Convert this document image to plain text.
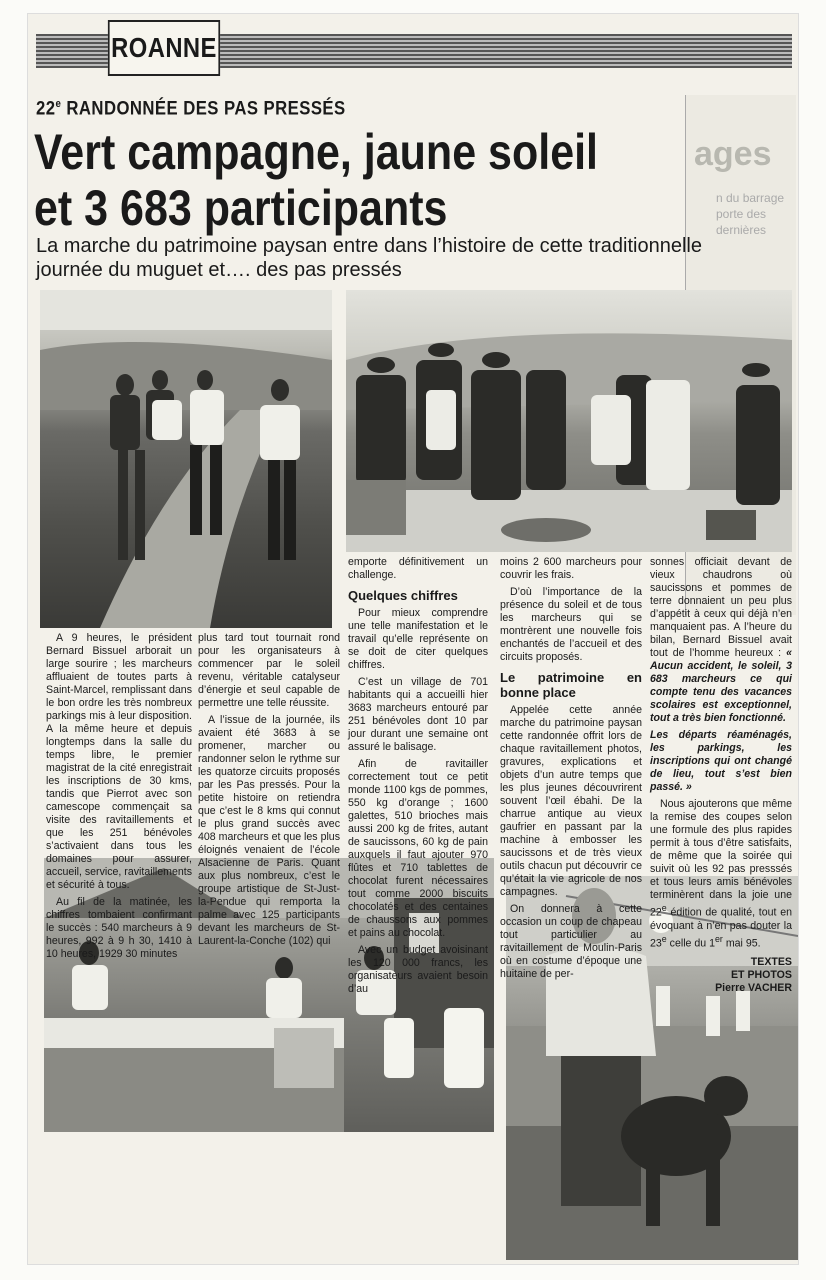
ROANNE
ages
n du barrage
porte des dernières
22e RANDONNÉE DES PAS PRESSÉS
Vert campagne, jaune soleil
et 3 683 participants
La marche du patrimoine paysan entre dans l’histoire de cette traditionnelle journée du muguet et…. des pas pressés

A 9 heures, le président Bernard Bissuel arborait un large sourire ; les marcheurs affluaient de toutes parts à Saint-Marcel, remplissant dans le bon ordre les très nombreux parkings mis à leur disposition. A la même heure et depuis longtemps dans la salle du temps libre, le premier magistrat de la cité enregistrait les inscriptions de 30 kms, tandis que Pierrot avec son camescope commençait sa visite des ravitaillements et que les 251 bénévoles s’activaient dans tous les domaines pour assurer, accueil, service, ravitaillements et sécurité à tous.

Au fil de la matinée, les chiffres tombaient confirmant le succès : 540 marcheurs à 9 heures, 992 à 9 h 30, 1410 à 10 heures, 1929 30 minutes

plus tard tout tournait rond pour les organisateurs à commencer par le soleil revenu, véritable catalyseur d’énergie et seul capable de permettre une telle réussite.

A l’issue de la journée, ils avaient été 3683 à se promener, marcher ou randonner selon le rythme sur les quatorze circuits proposés par les Pas pressés. Pour la petite histoire on retiendra que c’est le 8 kms qui connut le plus grand succès avec 408 marcheurs et que les plus éloignés venaient de l’école Alsacienne de Paris. Quant aux plus nombreux, c’est le groupe artistique de St-Just-la-Pendue qui remporta la palme avec 125 participants devant les marcheurs de St-Laurent-la-Conche (102) qui

emporte définitivement un challenge.

Quelques chiffres

Pour mieux comprendre une telle manifestation et le travail qu’elle représente on se doit de citer quelques chiffres.

C’est un village de 701 habitants qui a accueilli hier 3683 marcheurs entouré par 251 bénévoles dont 10 par jour durant une semaine ont assuré le balisage.

Afin de ravitailler correctement tout ce petit monde 1100 kgs de pommes, 550 kg d’orange ; 1600 galettes, 510 brioches mais aussi 200 kg de frites, autant de saucissons, 60 kg de pain auxquels il faut ajouter 970 flûtes et 710 tablettes de chocolat furent nécessaires tout comme 2000 biscuits chocolatés et des centaines de chaussons aux pommes et pains au chocolat.

Avec un budget avoisinant les 120 000 francs, les organisateurs avaient besoin d’au

moins 2 600 marcheurs pour couvrir les frais.

D’où l’importance de la présence du soleil et de tous les marcheurs qui se montrèrent une nouvelle fois enchantés de l’accueil et des circuits proposés.

Le patrimoine en bonne place

Appelée cette année marche du patrimoine paysan cette randonnée offrit lors de chaque ravitaillement photos, gravures, explications et objets d’un autre temps que les plus jeunes découvrirent souvent l’œil ébahi. De la charrue antique au vieux gaufrier en passant par la machine à embosser les saucissons et de très vieux outils chacun put découvrir ce qu’était la vie agricole de nos campagnes.

On donnera à cette occasion un coup de chapeau tout particulier au ravitaillement de Moulin-Paris où en costume d’époque une huitaine de per-

sonnes officiait devant de vieux chaudrons où saucissons et pommes de terre donnaient un peu plus d’appétit à ceux qui déjà n’en manquaient pas. A l’heure du bilan, Bernard Bissuel avait tout de l’homme heureux : « Aucun accident, le soleil, 3 683 marcheurs ce qui compte tenu des vacances scolaires est exceptionnel, tout a très bien fonctionné.

Les départs réaménagés, les parkings, les inscriptions qui ont changé de lieu, tout s’est bien passé. »

Nous ajouterons que même la remise des coupes selon une formule des plus rapides permit à tous d’être satisfaits, de même que la soirée qui suivit où les 92 pas presssés et tous leurs amis bénévoles terminèrent dans la joie une 22e édition de qualité, tout en évoquant à n’en pas douter la 23e celle du 1er mai 95.

TEXTES
ET PHOTOS
Pierre VACHER
